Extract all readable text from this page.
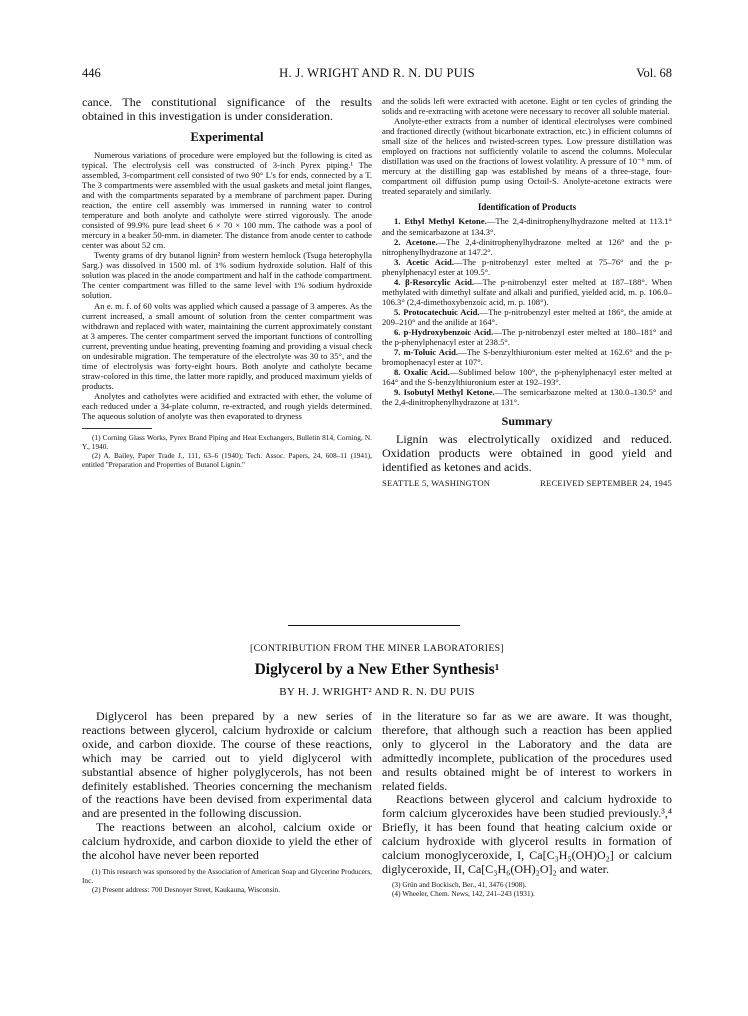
446	H. J. WRIGHT AND R. N. DU PUIS	Vol. 68

cance. The constitutional significance of the results obtained in this investigation is under consideration.

Experimental

Numerous variations of procedure were employed but the following is cited as typical. The electrolysis cell was constructed of 3-inch Pyrex piping.¹ The assembled, 3-compartment cell consisted of two 90° L's for ends, connected by a T. The 3 compartments were assembled with the usual gaskets and metal joint flanges, and with the compartments separated by a membrane of parchment paper. During reaction, the entire cell assembly was immersed in running water to control temperature and both anolyte and catholyte were stirred vigorously. The anode consisted of 99.9% pure lead sheet 6 × 70 × 100 mm. The cathode was a pool of mercury in a beaker 50-mm. in diameter. The distance from anode center to cathode center was about 52 cm.

Twenty grams of dry butanol lignin² from western hemlock (Tsuga heterophylla Sarg.) was dissolved in 1500 ml. of 1% sodium hydroxide solution. Half of this solution was placed in the anode compartment and half in the cathode compartment. The center compartment was filled to the same level with 1% sodium hydroxide solution.

An e. m. f. of 60 volts was applied which caused a passage of 3 amperes. As the current increased, a small amount of solution from the center compartment was withdrawn and replaced with water, maintaining the current approximately constant at 3 amperes. The center compartment served the important functions of controlling current, preventing undue heating, preventing foaming and providing a visual check on undesirable migration. The temperature of the electrolyte was 30 to 35°, and the time of electrolysis was forty-eight hours. Both anolyte and catholyte became straw-colored in this time, the latter more rapidly, and produced maximum yields of products.

Anolytes and catholytes were acidified and extracted with ether, the volume of each reduced under a 34-plate column, re-extracted, and rough yields determined. The aqueous solution of anolyte was then evaporated to dryness

(1) Corning Glass Works, Pyrex Brand Piping and Heat Exchangers, Bulletin 814, Corning, N. Y., 1940.
(2) A. Bailey, Paper Trade J., 111, 63–6 (1940); Tech. Assoc. Papers, 24, 608–11 (1941), entitled "Preparation and Properties of Butanol Lignin."

and the solids left were extracted with acetone. Eight or ten cycles of grinding the solids and re-extracting with acetone were necessary to recover all soluble material.

Anolyte-ether extracts from a number of identical electrolyses were combined and fractioned directly (without bicarbonate extraction, etc.) in efficient columns of small size of the helices and twisted-screen types. Low pressure distillation was employed on fractions not sufficiently volatile to ascend the columns. Molecular distillation was used on the fractions of lowest volatility. A pressure of 10⁻⁶ mm. of mercury at the distilling gap was established by means of a three-stage, four-compartment oil diffusion pump using Octoil-S. Anolyte-acetone extracts were treated separately and similarly.

Identification of Products

1. Ethyl Methyl Ketone.—The 2,4-dinitrophenylhydrazone melted at 113.1° and the semicarbazone at 134.3°.

2. Acetone.—The 2,4-dinitrophenylhydrazone melted at 126° and the p-nitrophenylhydrazone at 147.2°.

3. Acetic Acid.—The p-nitrobenzyl ester melted at 75–76° and the p-phenylphenacyl ester at 109.5°.

4. β-Resorcylic Acid.—The p-nitrobenzyl ester melted at 187–188°. When methylated with dimethyl sulfate and alkali and purified, yielded acid, m. p. 106.0–106.3° (2,4-dimethoxybenzoic acid, m. p. 108°).

5. Protocatechuic Acid.—The p-nitrobenzyl ester melted at 186°, the amide at 209–210° and the anilide at 164°.

6. p-Hydroxybenzoic Acid.—The p-nitrobenzyl ester melted at 180–181° and the p-phenylphenacyl ester at 238.5°.

7. m-Toluic Acid.—The S-benzylthiuronium ester melted at 162.6° and the p-bromophenacyl ester at 107°.

8. Oxalic Acid.—Sublimed below 100°, the p-phenylphenacyl ester melted at 164° and the S-benzylthiuronium ester at 192–193°.

9. Isobutyl Methyl Ketone.—The semicarbazone melted at 130.0–130.5° and the 2,4-dinitrophenylhydrazone at 131°.

Summary

Lignin was electrolytically oxidized and reduced. Oxidation products were obtained in good yield and identified as ketones and acids.

SEATTLE 5, WASHINGTON	RECEIVED SEPTEMBER 24, 1945
[CONTRIBUTION FROM THE MINER LABORATORIES]
Diglycerol by a New Ether Synthesis¹
BY H. J. WRIGHT² AND R. N. DU PUIS

Diglycerol has been prepared by a new series of reactions between glycerol, calcium hydroxide or calcium oxide, and carbon dioxide. The course of these reactions, which may be carried out to yield diglycerol with substantial absence of higher polyglycerols, has not been definitely established. Theories concerning the mechanism of the reactions have been devised from experimental data and are presented in the following discussion.

The reactions between an alcohol, calcium oxide or calcium hydroxide, and carbon dioxide to yield the ether of the alcohol have never been reported

(1) This research was sponsored by the Association of American Soap and Glycerine Producers, Inc.
(2) Present address: 700 Desnoyer Street, Kaukauna, Wisconsin.

in the literature so far as we are aware. It was thought, therefore, that although such a reaction has been applied only to glycerol in the Laboratory and the data are admittedly incomplete, publication of the procedures used and results obtained might be of interest to workers in related fields.

Reactions between glycerol and calcium hydroxide to form calcium glyceroxides have been studied previously.³,⁴ Briefly, it has been found that heating calcium oxide or calcium hydroxide with glycerol results in formation of calcium monoglyceroxide, I, Ca[C₃H₅(OH)O₂] or calcium diglyceroxide, II, Ca[C₃H₆(OH)₂O]₂ and water.

(3) Grün and Bockisch, Ber., 41, 3476 (1908).
(4) Wheeler, Chem. News, 142, 241–243 (1931).
